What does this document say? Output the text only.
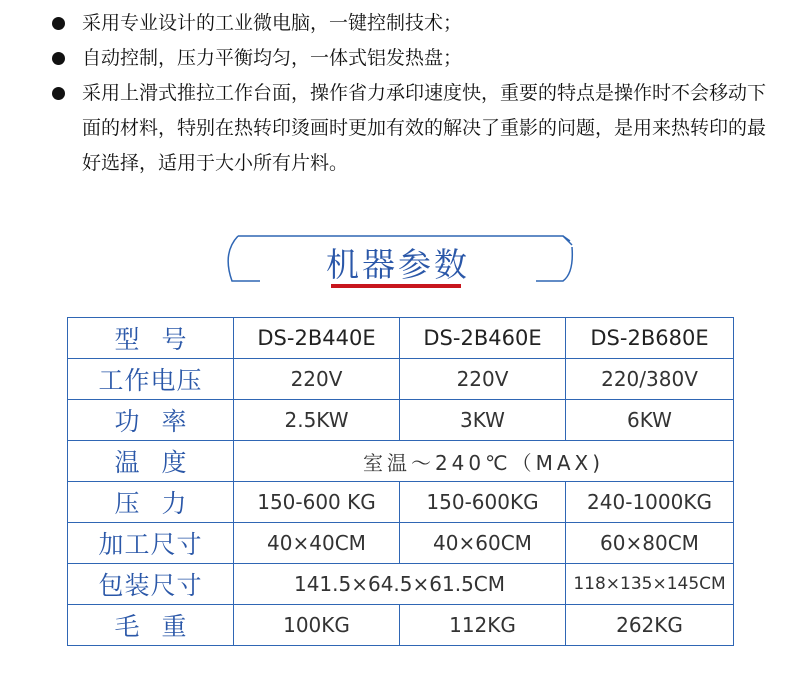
采用专业设计的工业微电脑，一键控制技术；
自动控制，压力平衡均匀，一体式铝发热盘；
采用上滑式推拉工作台面，操作省力承印速度快，重要的特点是操作时不会移动下面的材料，特别在热转印烫画时更加有效的解决了重影的问题，是用来热转印的最好选择，适用于大小所有片料。
机器参数
型号	DS-2B440E	DS-2B460E	DS-2B680E
工作电压	220V	220V	220/380V
功率	2.5KW	3KW	6KW
温度	室温～240℃（MAX)		
压力	150-600 KG	150-600KG	240-1000KG
加工尺寸	40×40CM	40×60CM	60×80CM
包装尺寸	141.5×64.5×61.5CM		118×135×145CM
毛重	100KG	112KG	262KG
